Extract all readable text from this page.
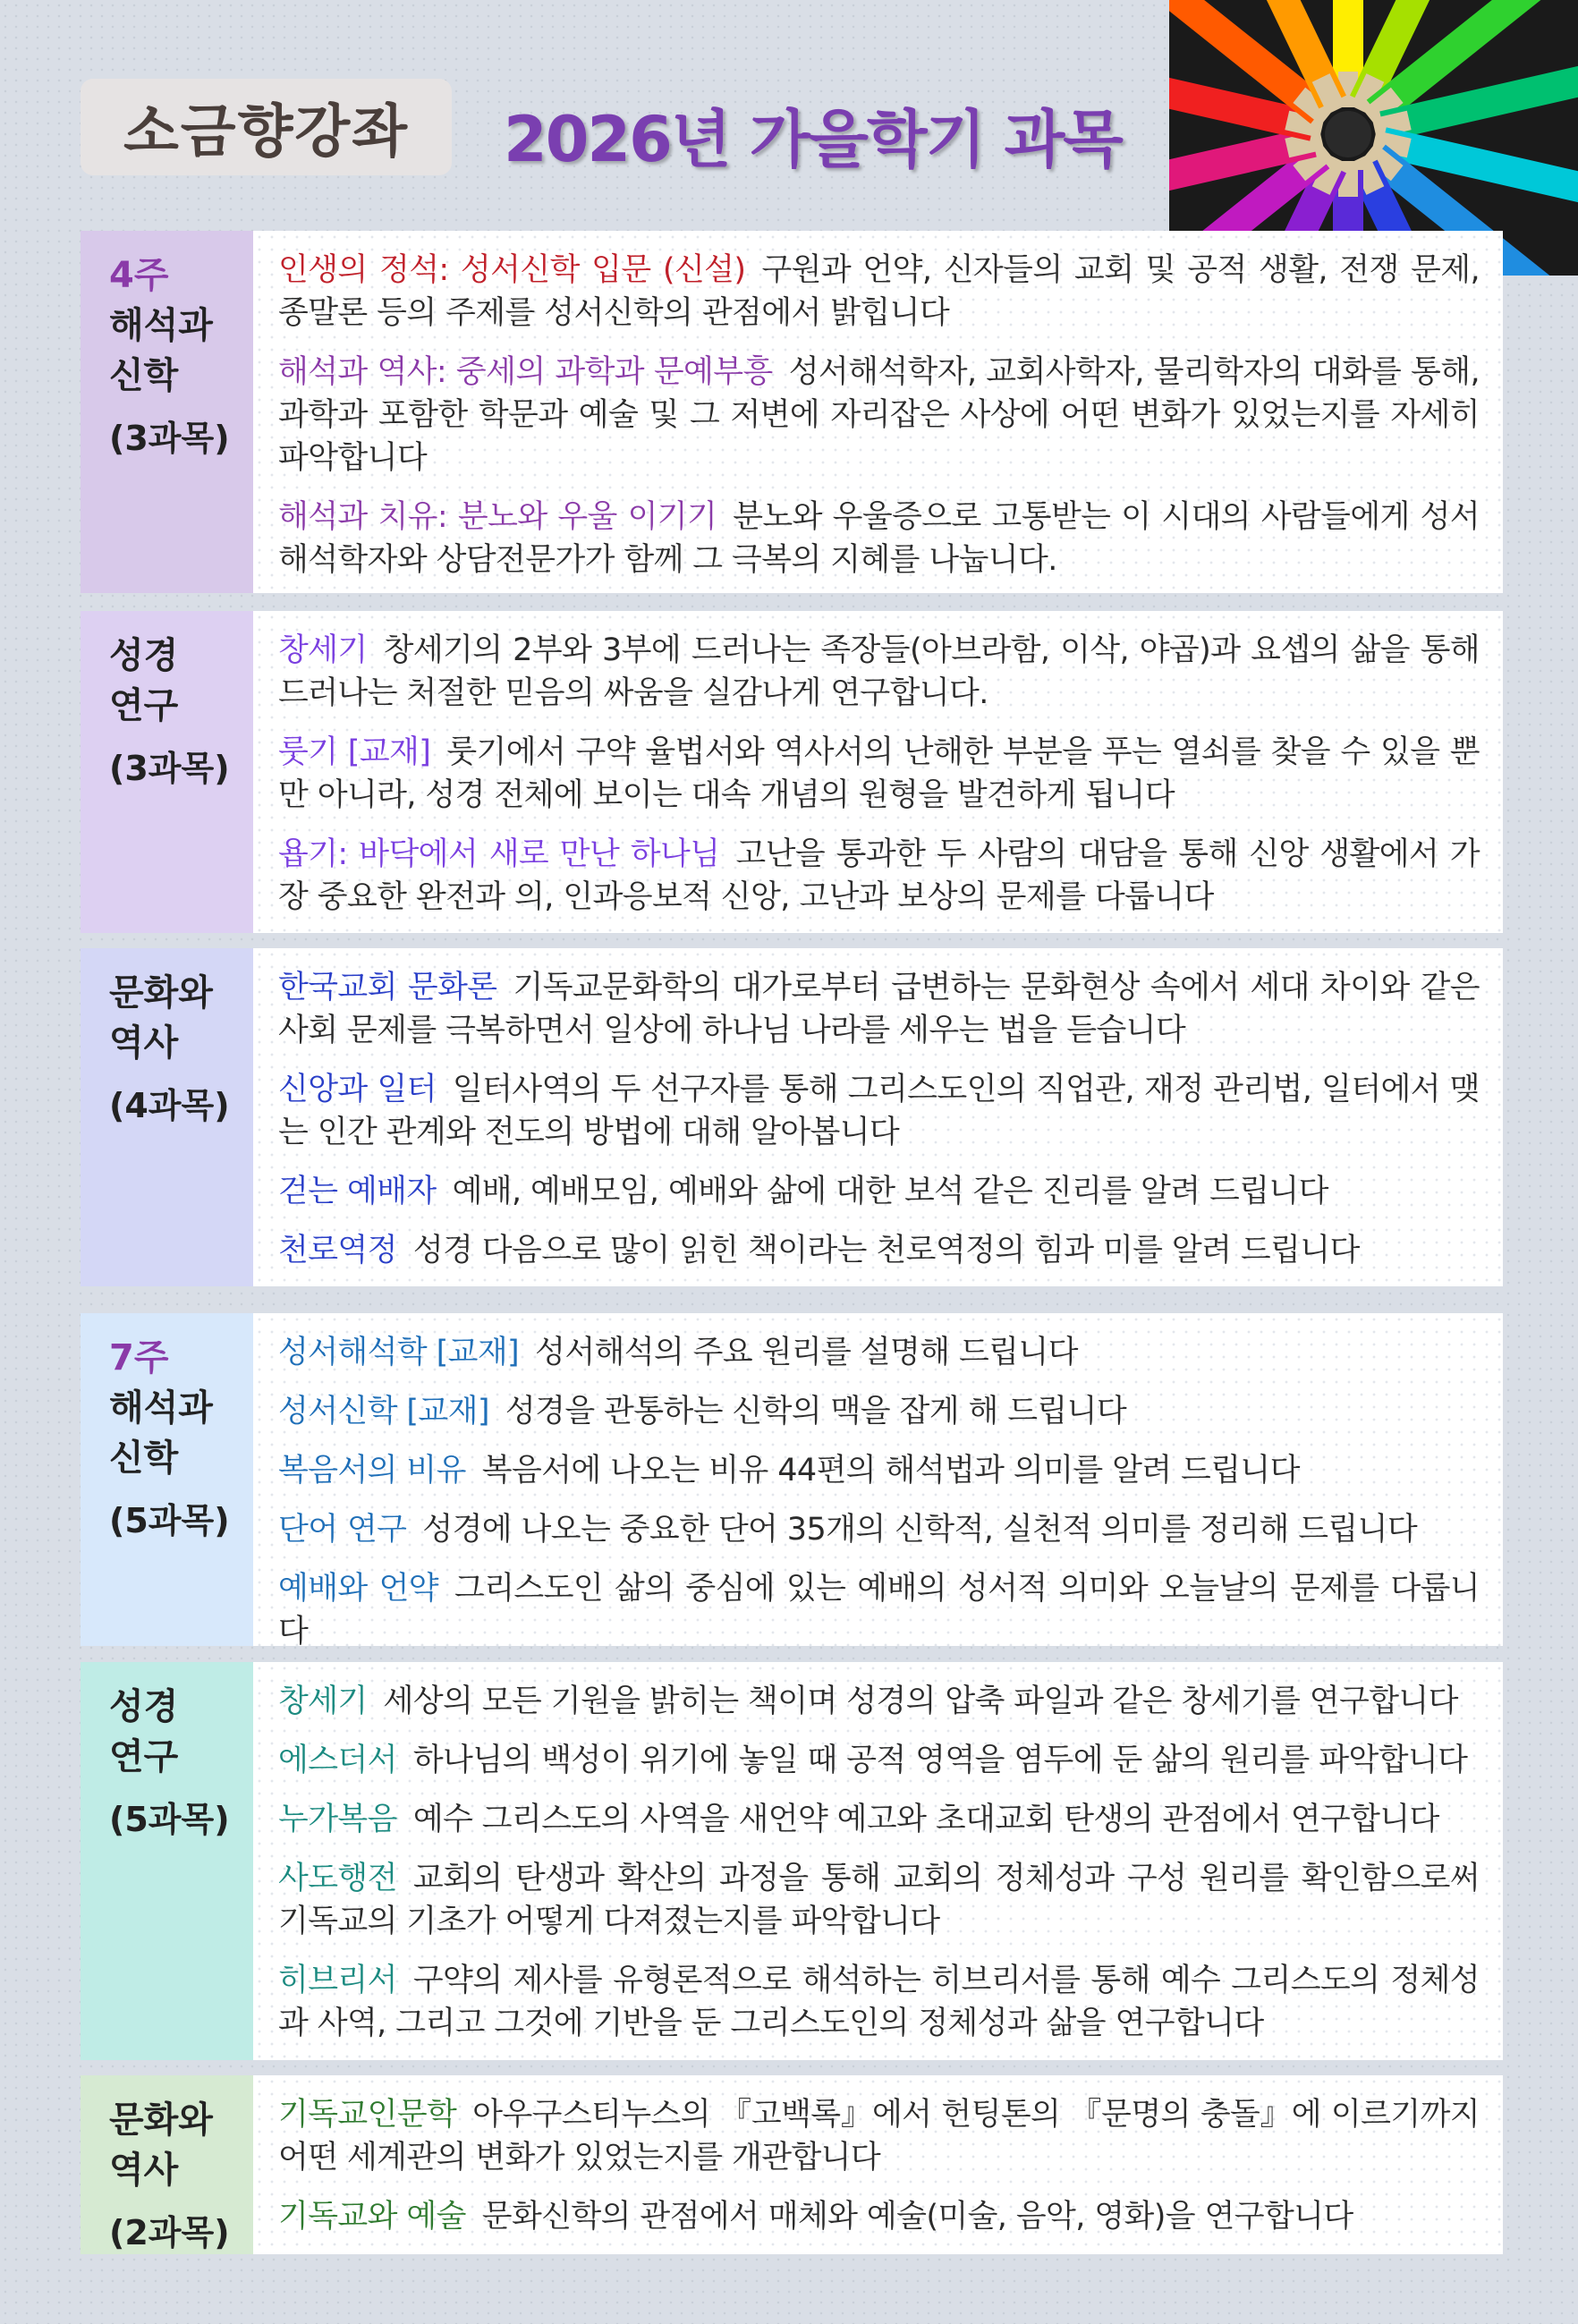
소금향강좌 2026년 가을학기 과목
4주
해석과
신학
(3과목)
인생의 정석: 성서신학 입문 (신설) 구원과 언약, 신자들의 교회 및 공적 생활, 전쟁 문제, 종말론 등의 주제를 성서신학의 관점에서 밝힙니다
해석과 역사: 중세의 과학과 문예부흥 성서해석학자, 교회사학자, 물리학자의 대화를 통해, 과학과 포함한 학문과 예술 및 그 저변에 자리잡은 사상에 어떤 변화가 있었는지를 자세히 파악합니다
해석과 치유: 분노와 우울 이기기 분노와 우울증으로 고통받는 이 시대의 사람들에게 성서해석학자와 상담전문가가 함께 그 극복의 지혜를 나눕니다.
성경
연구
(3과목)
창세기 창세기의 2부와 3부에 드러나는 족장들(아브라함, 이삭, 야곱)과 요셉의 삶을 통해 드러나는 처절한 믿음의 싸움을 실감나게 연구합니다.
룻기 [교재] 룻기에서 구약 율법서와 역사서의 난해한 부분을 푸는 열쇠를 찾을 수 있을 뿐만 아니라, 성경 전체에 보이는 대속 개념의 원형을 발견하게 됩니다
욥기: 바닥에서 새로 만난 하나님 고난을 통과한 두 사람의 대담을 통해 신앙 생활에서 가장 중요한 완전과 의, 인과응보적 신앙, 고난과 보상의 문제를 다룹니다
문화와
역사
(4과목)
한국교회 문화론 기독교문화학의 대가로부터 급변하는 문화현상 속에서 세대 차이와 같은 사회 문제를 극복하면서 일상에 하나님 나라를 세우는 법을 듣습니다
신앙과 일터 일터사역의 두 선구자를 통해 그리스도인의 직업관, 재정 관리법, 일터에서 맺는 인간 관계와 전도의 방법에 대해 알아봅니다
걷는 예배자 예배, 예배모임, 예배와 삶에 대한 보석 같은 진리를 알려 드립니다
천로역정 성경 다음으로 많이 읽힌 책이라는 천로역정의 힘과 미를 알려 드립니다
7주
해석과
신학
(5과목)
성서해석학 [교재] 성서해석의 주요 원리를 설명해 드립니다
성서신학 [교재] 성경을 관통하는 신학의 맥을 잡게 해 드립니다
복음서의 비유 복음서에 나오는 비유 44편의 해석법과 의미를 알려 드립니다
단어 연구 성경에 나오는 중요한 단어 35개의 신학적, 실천적 의미를 정리해 드립니다
예배와 언약 그리스도인 삶의 중심에 있는 예배의 성서적 의미와 오늘날의 문제를 다룹니다
성경
연구
(5과목)
창세기 세상의 모든 기원을 밝히는 책이며 성경의 압축 파일과 같은 창세기를 연구합니다
에스더서 하나님의 백성이 위기에 놓일 때 공적 영역을 염두에 둔 삶의 원리를 파악합니다
누가복음 예수 그리스도의 사역을 새언약 예고와 초대교회 탄생의 관점에서 연구합니다
사도행전 교회의 탄생과 확산의 과정을 통해 교회의 정체성과 구성 원리를 확인함으로써 기독교의 기초가 어떻게 다져졌는지를 파악합니다
히브리서 구약의 제사를 유형론적으로 해석하는 히브리서를 통해 예수 그리스도의 정체성 과 사역, 그리고 그것에 기반을 둔 그리스도인의 정체성과 삶을 연구합니다
문화와
역사
(2과목)
기독교인문학 아우구스티누스의 『고백록』에서 헌팅톤의 『문명의 충돌』에 이르기까지 어떤 세계관의 변화가 있었는지를 개관합니다
기독교와 예술 문화신학의 관점에서 매체와 예술(미술, 음악, 영화)을 연구합니다
